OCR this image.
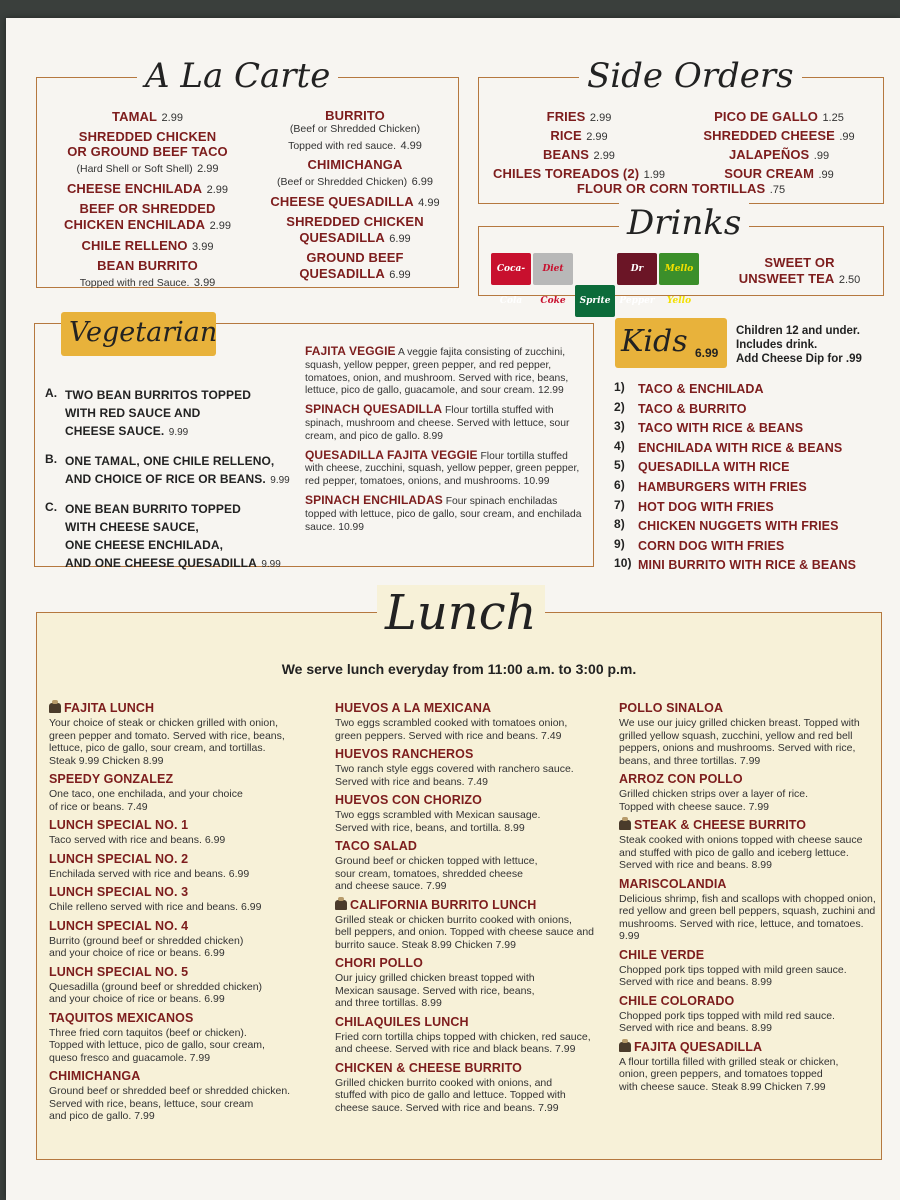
A La Carte
TAMAL 2.99
SHREDDED CHICKEN
OR GROUND BEEF TACO
(Hard Shell or Soft Shell) 2.99
CHEESE ENCHILADA 2.99
BEEF OR SHREDDED
CHICKEN ENCHILADA 2.99
CHILE RELLENO 3.99
BEAN BURRITO
Topped with red Sauce. 3.99
BURRITO
(Beef or Shredded Chicken)
Topped with red sauce. 4.99
CHIMICHANGA
(Beef or Shredded Chicken) 6.99
CHEESE QUESADILLA 4.99
SHREDDED CHICKEN
QUESADILLA 6.99
GROUND BEEF
QUESADILLA 6.99
Side Orders
FRIES 2.99
RICE 2.99
BEANS 2.99
CHILES TOREADOS (2) 1.99
PICO DE GALLO 1.25
SHREDDED CHEESE .99
JALAPEÑOS .99
SOUR CREAM .99
FLOUR OR CORN TORTILLAS .75
Drinks
Coca-ColaDiet Coke SpriteDr PepperMello Yello
SWEET OR
UNSWEET TEA 2.50
Vegetarian
A. TWO BEAN BURRITOS TOPPED
WITH RED SAUCE AND
CHEESE SAUCE. 9.99
B. ONE TAMAL, ONE CHILE RELLENO,
AND CHOICE OF RICE OR BEANS. 9.99
C. ONE BEAN BURRITO TOPPED
WITH CHEESE SAUCE,
ONE CHEESE ENCHILADA,
AND ONE CHEESE QUESADILLA 9.99
FAJITA VEGGIE A veggie fajita consisting of zucchini, squash, yellow pepper, green pepper, and red pepper, tomatoes, onion, and mushroom. Served with rice, beans, lettuce, pico de gallo, guacamole, and sour cream. 12.99
SPINACH QUESADILLA Flour tortilla stuffed with spinach, mushroom and cheese. Served with lettuce, sour cream, and pico de gallo. 8.99
QUESADILLA FAJITA VEGGIE Flour tortilla stuffed with cheese, zucchini, squash, yellow pepper, green pepper, red pepper, tomatoes, onions, and mushrooms. 10.99
SPINACH ENCHILADAS Four spinach enchiladas topped with lettuce, pico de gallo, sour cream, and enchilada sauce. 10.99
Kids 6.99
Children 12 and under.
Includes drink.
Add Cheese Dip for .99
1) TACO & ENCHILADA
2) TACO & BURRITO
3) TACO WITH RICE & BEANS
4) ENCHILADA WITH RICE & BEANS
5) QUESADILLA WITH RICE
6) HAMBURGERS WITH FRIES
7) HOT DOG WITH FRIES
8) CHICKEN NUGGETS WITH FRIES
9) CORN DOG WITH FRIES
10) MINI BURRITO WITH RICE & BEANS
Lunch
We serve lunch everyday from 11:00 a.m. to 3:00 p.m.
FAJITA LUNCH
Your choice of steak or chicken grilled with onion,
green pepper and tomato. Served with rice, beans,
lettuce, pico de gallo, sour cream, and tortillas.
Steak 9.99 Chicken 8.99
SPEEDY GONZALEZ
One taco, one enchilada, and your choice
of rice or beans. 7.49
LUNCH SPECIAL NO. 1
Taco served with rice and beans. 6.99
LUNCH SPECIAL NO. 2
Enchilada served with rice and beans. 6.99
LUNCH SPECIAL NO. 3
Chile relleno served with rice and beans. 6.99
LUNCH SPECIAL NO. 4
Burrito (ground beef or shredded chicken)
and your choice of rice or beans. 6.99
LUNCH SPECIAL NO. 5
Quesadilla (ground beef or shredded chicken)
and your choice of rice or beans. 6.99
TAQUITOS MEXICANOS
Three fried corn taquitos (beef or chicken).
Topped with lettuce, pico de gallo, sour cream,
queso fresco and guacamole. 7.99
CHIMICHANGA
Ground beef or shredded beef or shredded chicken.
Served with rice, beans, lettuce, sour cream
and pico de gallo. 7.99
HUEVOS A LA MEXICANA
Two eggs scrambled cooked with tomatoes onion,
green peppers. Served with rice and beans. 7.49
HUEVOS RANCHEROS
Two ranch style eggs covered with ranchero sauce.
Served with rice and beans. 7.49
HUEVOS CON CHORIZO
Two eggs scrambled with Mexican sausage.
Served with rice, beans, and tortilla. 8.99
TACO SALAD
Ground beef or chicken topped with lettuce,
sour cream, tomatoes, shredded cheese
and cheese sauce. 7.99
CALIFORNIA BURRITO LUNCH
Grilled steak or chicken burrito cooked with onions,
bell peppers, and onion. Topped with cheese sauce and
burrito sauce. Steak 8.99 Chicken 7.99
CHORI POLLO
Our juicy grilled chicken breast topped with
Mexican sausage. Served with rice, beans,
and three tortillas. 8.99
CHILAQUILES LUNCH
Fried corn tortilla chips topped with chicken, red sauce,
and cheese. Served with rice and black beans. 7.99
CHICKEN & CHEESE BURRITO
Grilled chicken burrito cooked with onions, and
stuffed with pico de gallo and lettuce. Topped with
cheese sauce. Served with rice and beans. 7.99
POLLO SINALOA
We use our juicy grilled chicken breast. Topped with
grilled yellow squash, zucchini, yellow and red bell
peppers, onions and mushrooms. Served with rice,
beans, and three tortillas. 7.99
ARROZ CON POLLO
Grilled chicken strips over a layer of rice.
Topped with cheese sauce. 7.99
STEAK & CHEESE BURRITO
Steak cooked with onions topped with cheese sauce
and stuffed with pico de gallo and iceberg lettuce.
Served with rice and beans. 8.99
MARISCOLANDIA
Delicious shrimp, fish and scallops with chopped onion,
red yellow and green bell peppers, squash, zuchini and
mushrooms. Served with rice, lettuce, and tomatoes. 9.99
CHILE VERDE
Chopped pork tips topped with mild green sauce.
Served with rice and beans. 8.99
CHILE COLORADO
Chopped pork tips topped with mild red sauce.
Served with rice and beans. 8.99
FAJITA QUESADILLA
A flour tortilla filled with grilled steak or chicken,
onion, green peppers, and tomatoes topped
with cheese sauce. Steak 8.99 Chicken 7.99
